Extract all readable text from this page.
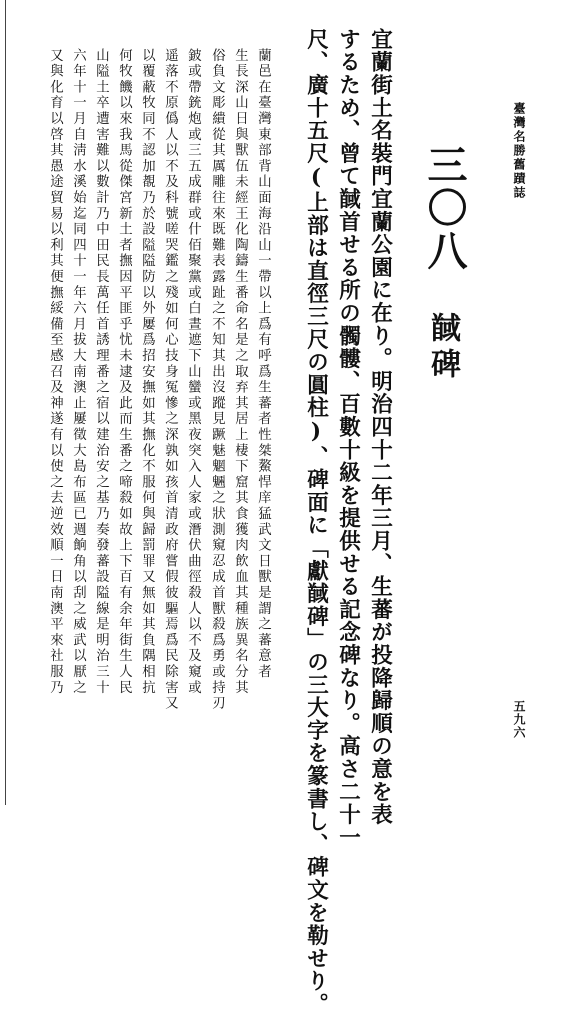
臺灣名勝舊蹟誌
五九六
三〇八
馘碑
宜蘭街土名裝門宜蘭公園に在り。明治四十二年三月、生蕃が投降歸順の意を表
するため、曾て馘首せる所の髑髏、百數十級を提供せる記念碑なり。高さ二十一
尺、廣十五尺(上部は直徑三尺の圓柱)、碑面に「獻馘碑」の三大字を篆書し、碑文を勒せり。
蘭邑在臺灣東部背山面海沿山一帶以上爲有呼爲生蕃者性桀鰲悍庠猛武文日獸是謂之蕃意者
生長深山日與獸伍未經王化陶鑄生番命名是之取弃其居上棲下窟其食獲肉飲血其種族異名分其
俗負文彫繢從其厲雕往來既難表露趾之不知其出沒蹤見蹶魅魍魎之狀測窺忍成首獸殺爲勇或持刃
鈹或帶銃炮或三五成群或什佰聚黨或白晝遮下山蠻或黑夜突入人家或潛伏曲徑殺人以不及窺或
遥落不原僞人以不及科號嗟哭鑑之殘如何心技身冤慘之深孰如孩首清政府嘗假彼驅焉爲民除害又
以覆蔽牧同不認加覩乃於設隘隘防以外屢爲招安撫如其撫化不服何與歸罰罪又無如其負隅相抗
何牧饑以來我馬從傑宮新土者撫因平匪乎忧未逮及此而生番之啼殺如故上下百有余年街生人民
山隘土卒遭害難以數計乃中田民長萬任首誘理番之宿以建治安之基乃奏發蕃設隘線是明治三十
六年十一月自淸水溪始迄同四十一年六月拔大南澳止屢徵大島布區已週餉角以刮之威武以厭之
又與化育以啓其愚途貿易以利其便撫綏備至感召及神遂有以使之去逆效順一日南澳平來社服乃
